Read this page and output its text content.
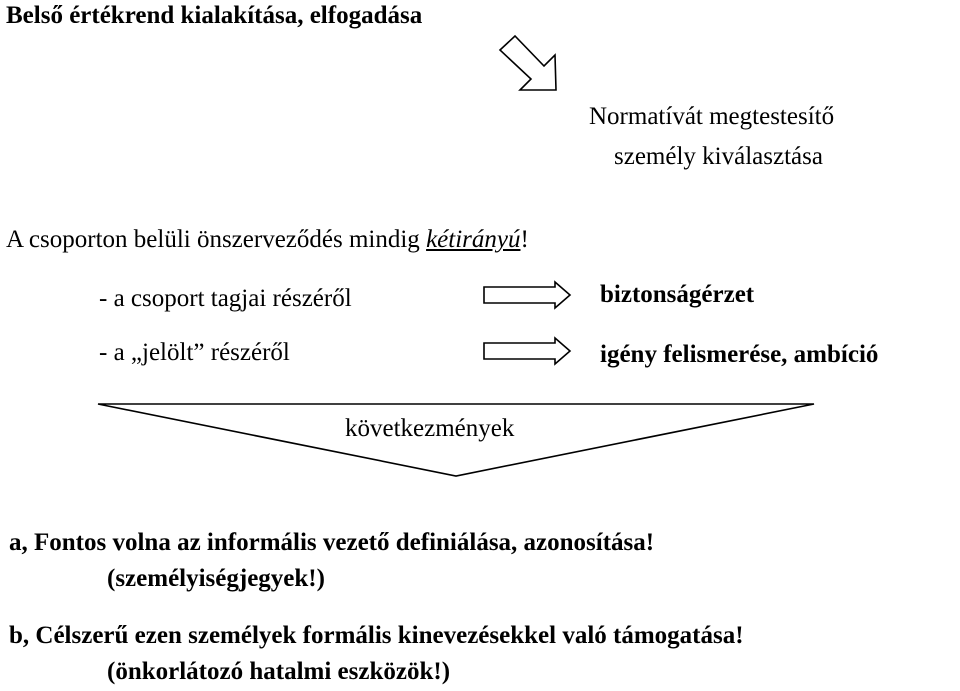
Belső értékrend kialakítása, elfogadása
Normatívát megtestesítő
személy kiválasztása
A csoporton belüli önszerveződés mindig kétirányú!
- a csoport tagjai részéről	biztonságérzet
- a „jelölt” részéről	igény felismerése, ambíció
következmények
a, Fontos volna az informális vezető definiálása, azonosítása!
(személyiségjegyek!)
b, Célszerű ezen személyek formális kinevezésekkel való támogatása!
(önkorlátozó hatalmi eszközök!)
